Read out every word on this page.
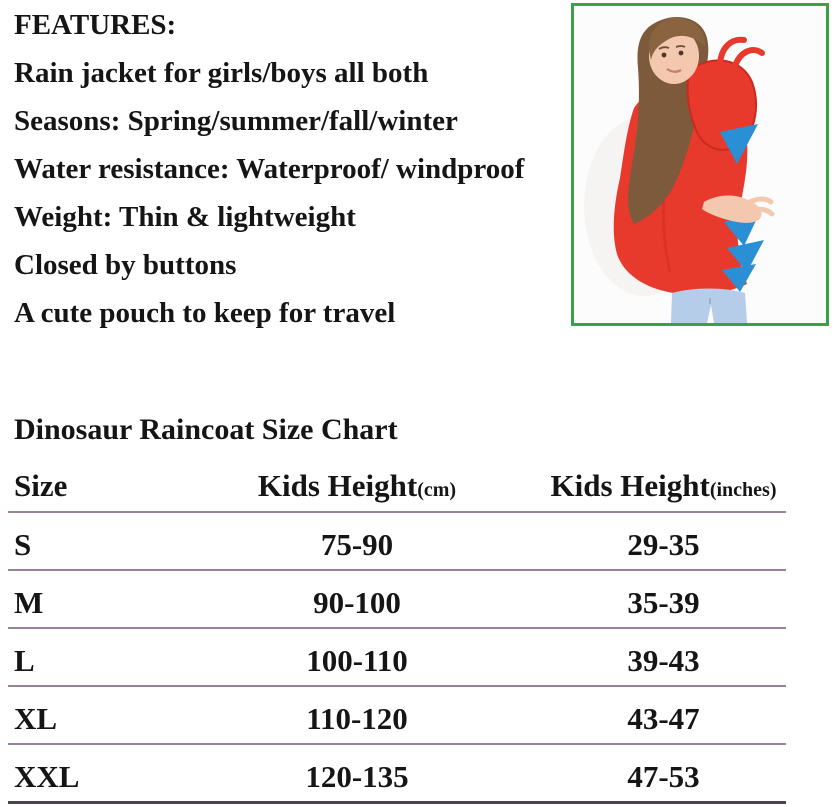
FEATURES:

Rain jacket for girls/boys all both

Seasons: Spring/summer/fall/winter

Water resistance: Waterproof/ windproof

Weight: Thin & lightweight

Closed by buttons

A cute pouch to keep for travel

Dinosaur Raincoat Size Chart
Size	Kids Height(cm)	Kids Height(inches)
S	75-90	29-35
M	90-100	35-39
L	100-110	39-43
XL	110-120	43-47
XXL	120-135	47-53
